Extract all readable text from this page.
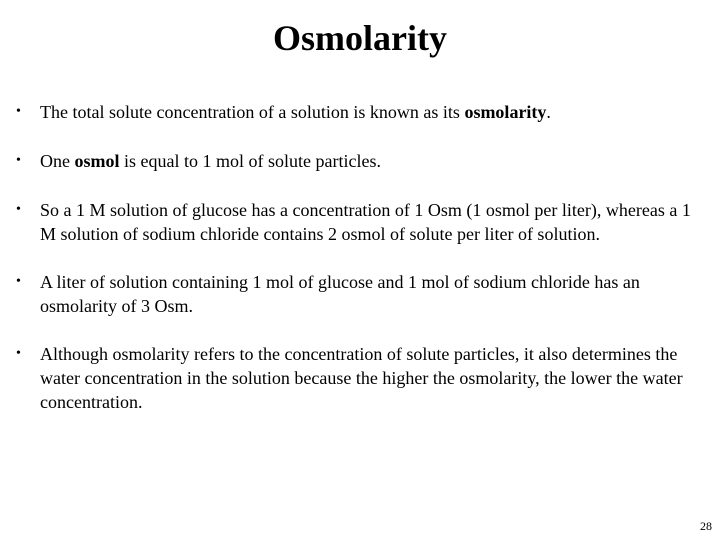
Osmolarity
• The total solute concentration of a solution is known as its osmolarity.
• One osmol is equal to 1 mol of solute particles.
• So a 1 M solution of glucose has a concentration of 1 Osm (1 osmol per liter), whereas a 1 M solution of sodium chloride contains 2 osmol of solute per liter of solution.
• A liter of solution containing 1 mol of glucose and 1 mol of sodium chloride has an osmolarity of 3 Osm.
• Although osmolarity refers to the concentration of solute particles, it also determines the water concentration in the solution because the higher the osmolarity, the lower the water concentration.
28
